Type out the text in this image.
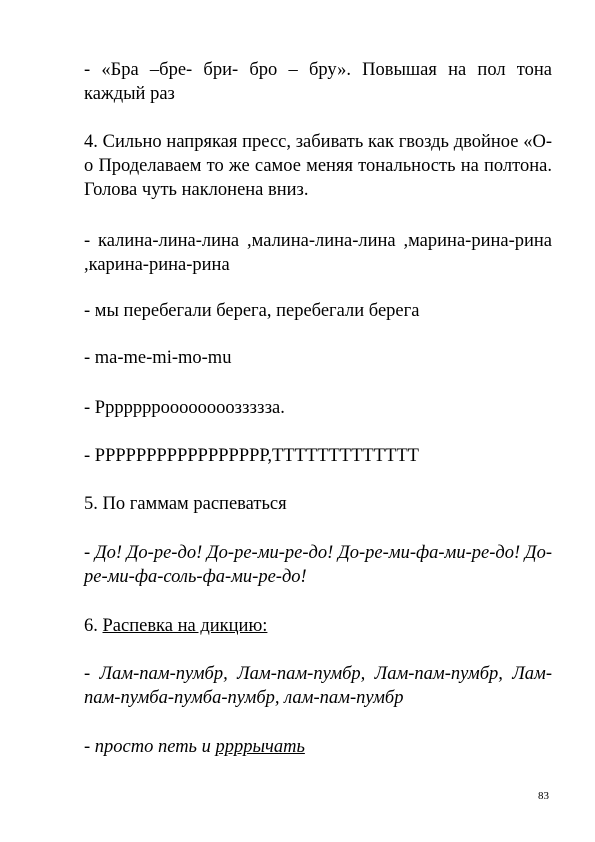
- «Бра –бре- бри- бро – бру». Повышая на пол тона каждый раз

4. Сильно напрякая пресс, забивать как гвоздь двойное «О-о Проделаваем то же самое меняя тональность на полтона. Голова чуть наклонена вниз.

- калина-лина-лина ,малина-лина-лина ,марина-рина-рина ,карина-рина-рина

- мы перебегали берега, перебегали берега

- ma-me-mi-mo-mu

- Рррррррооооооооззззза.

- РРРРРРРРРРРРРРРРР,ТТТТТТТТТТТТТ

5. По гаммам распеваться

- До! До-ре-до! До-ре-ми-ре-до! До-ре-ми-фа-ми-ре-до! До-ре-ми-фа-соль-фа-ми-ре-до!

6. Распевка на дикцию:

- Лам-пам-пумбр, Лам-пам-пумбр, Лам-пам-пумбр, Лам-пам-пумба-пумба-пумбр, лам-пам-пумбр

- просто петь и ррррычать

83
